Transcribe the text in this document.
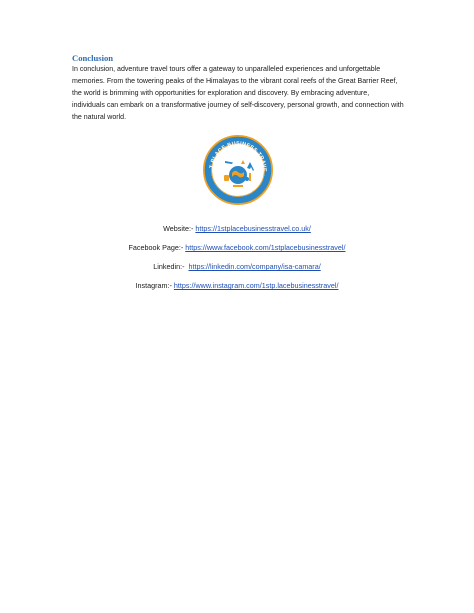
Conclusion
In conclusion, adventure travel tours offer a gateway to unparalleled experiences and unforgettable memories. From the towering peaks of the Himalayas to the vibrant coral reefs of the Great Barrier Reef, the world is brimming with opportunities for exploration and discovery. By embracing adventure, individuals can embark on a transformative journey of self-discovery, personal growth, and connection with the natural world.
T PLACE BUSINESS TRAVE
Website:- https://1stplacebusinesstravel.co.uk/
Facebook Page:- https://www.facebook.com/1stplacebusinesstravel/
Linkedin:-  https://linkedin.com/company/isa-camara/
Instagram:- https://www.instagram.com/1stp.lacebusinesstravel/
